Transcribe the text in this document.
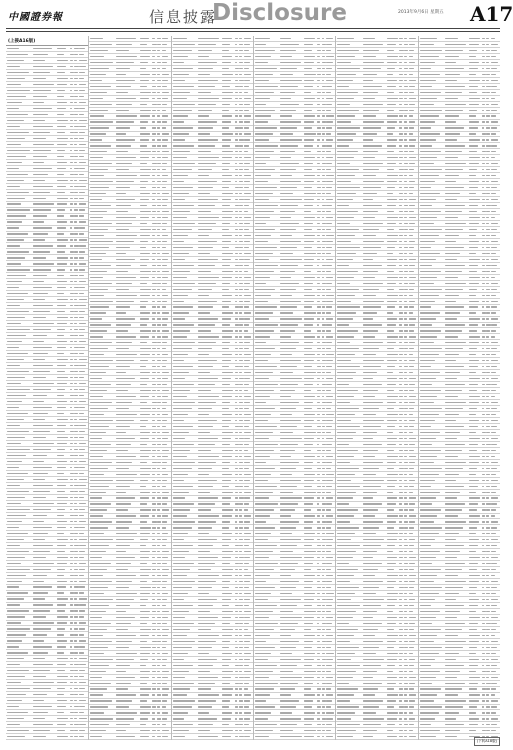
中國證券報	信息披露
Disclosure	2013年9月6日 星期五 A17
(上接A16版)
(下转A18版)
